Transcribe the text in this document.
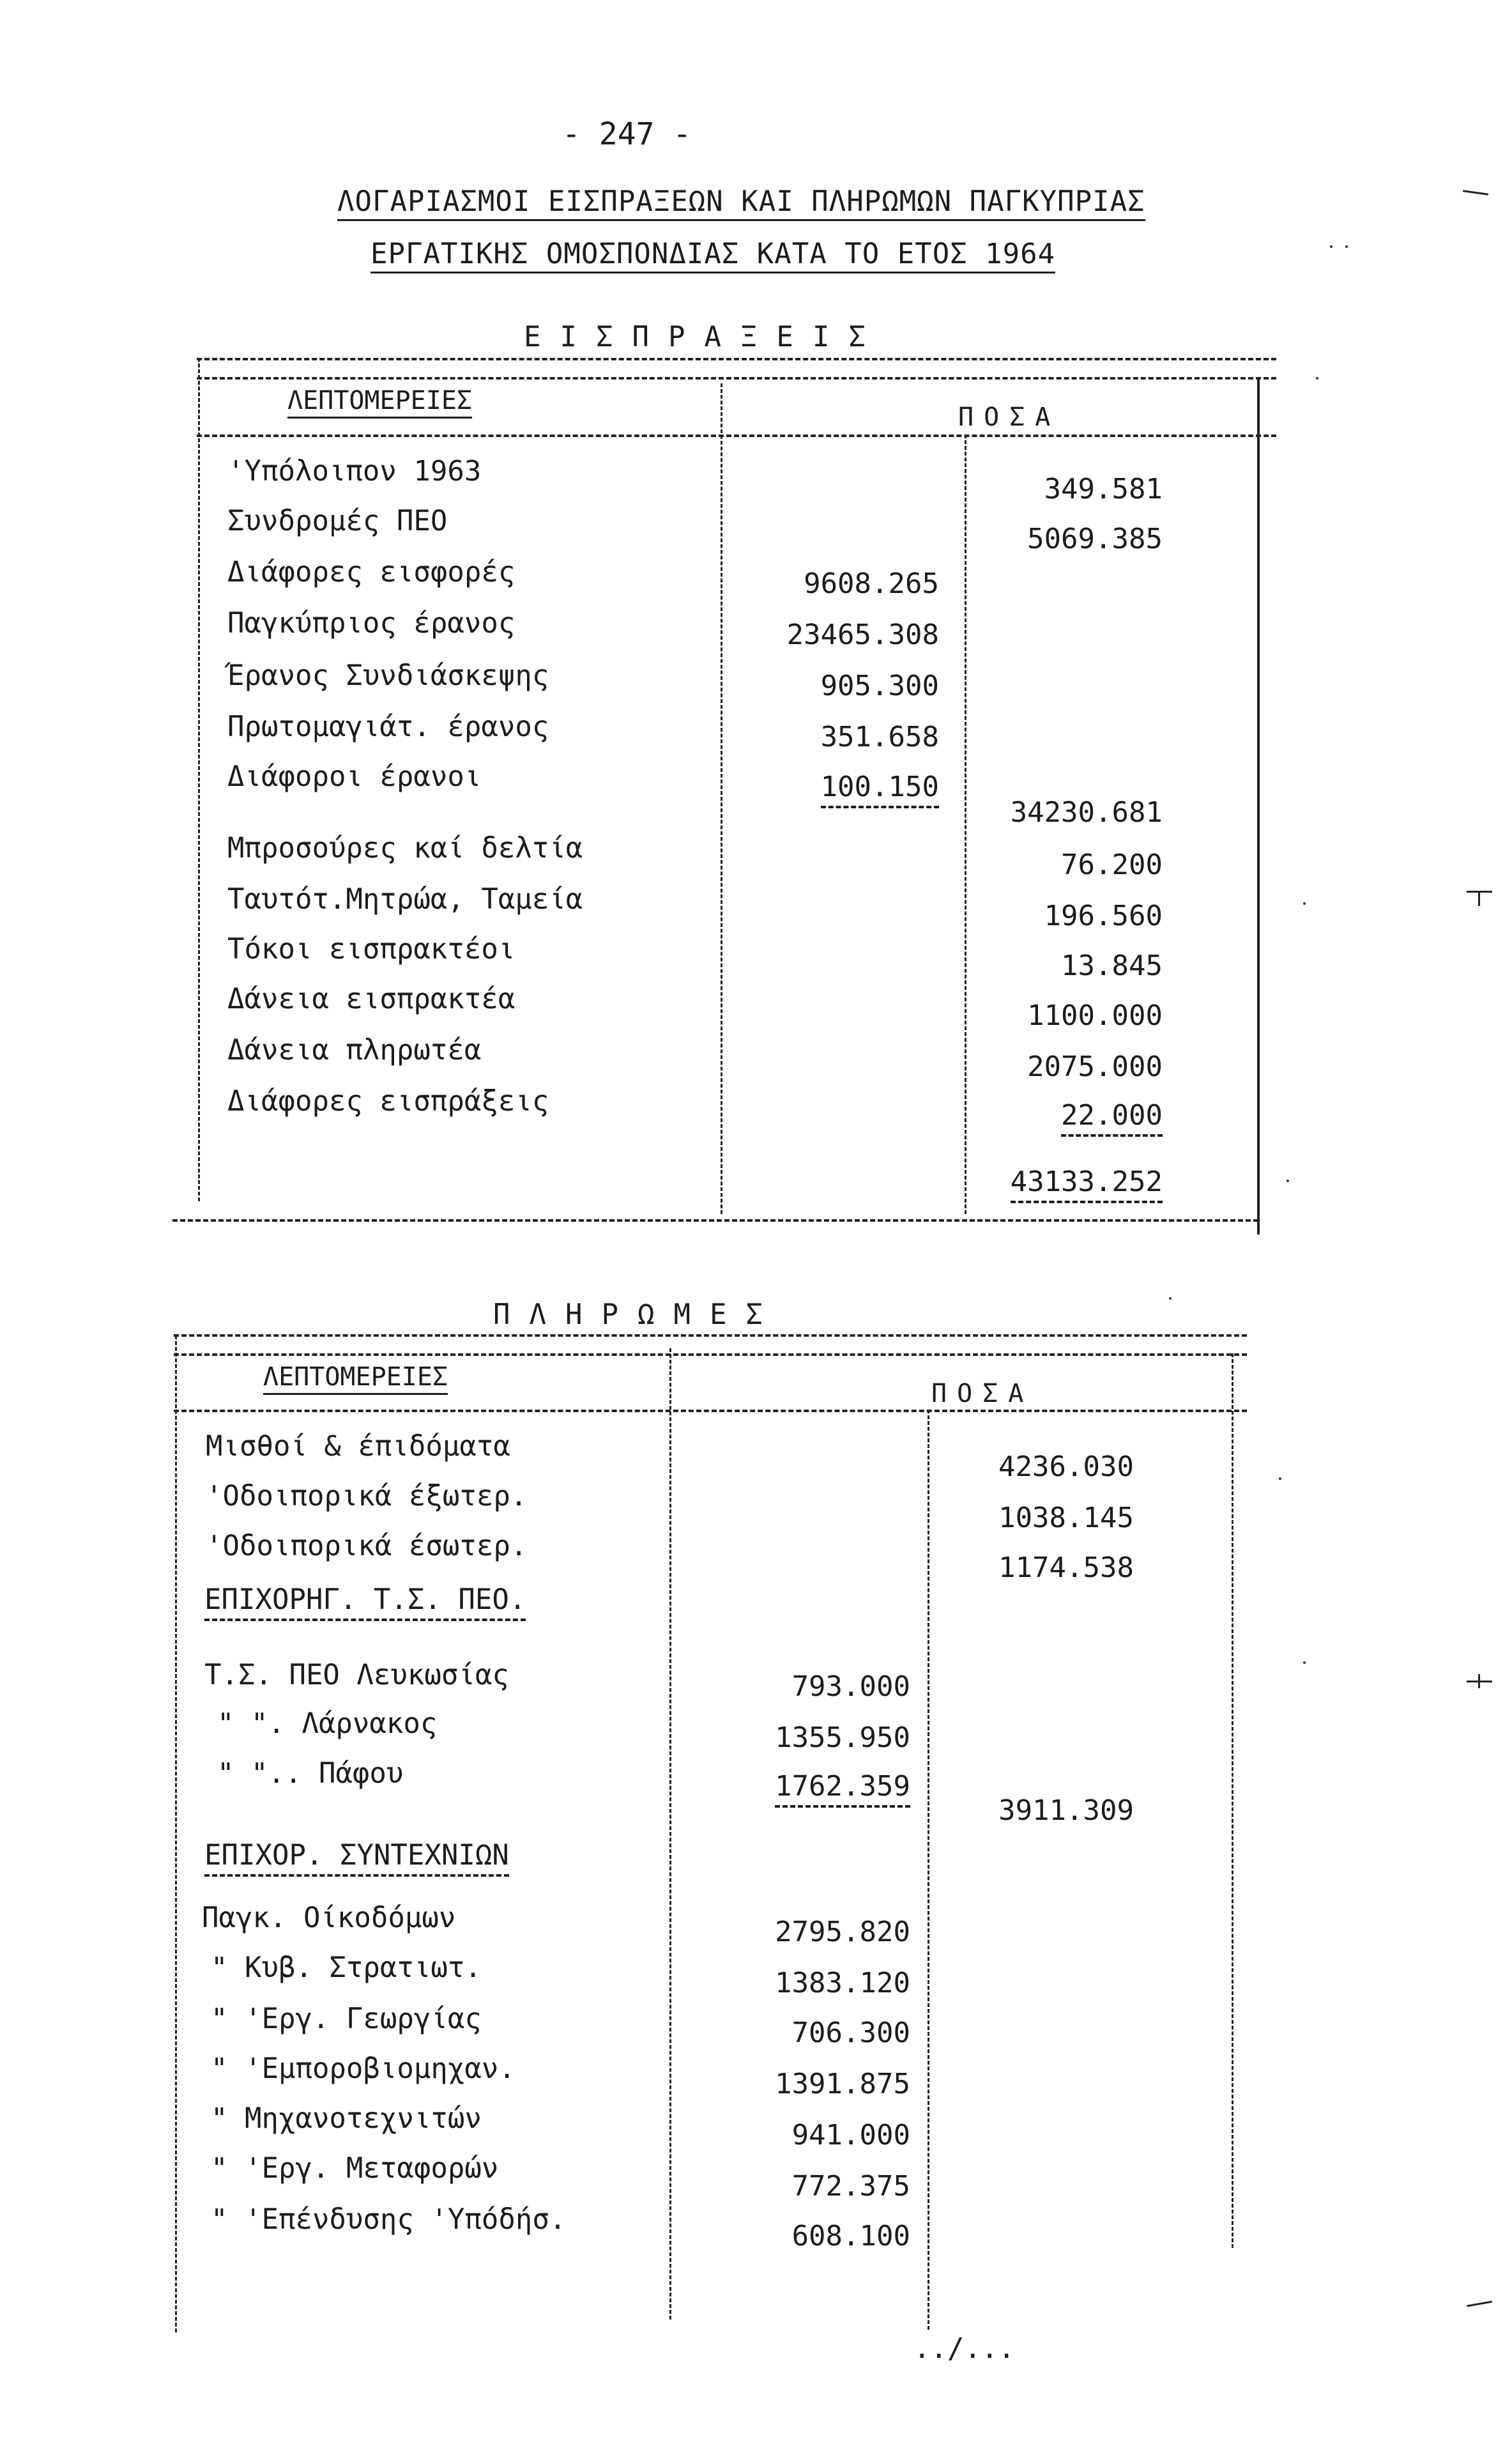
- 247 -
ΛΟΓΑΡΙΑΣΜΟΙ ΕΙΣΠΡΑΞΕΩΝ ΚΑΙ ΠΛΗΡΩΜΩΝ ΠΑΓΚΥΠΡΙΑΣ
ΕΡΓΑΤΙΚΗΣ ΟΜΟΣΠΟΝΔΙΑΣ ΚΑΤΑ ΤΟ ΕΤΟΣ 1964
ΕΙΣΠΡΑΞΕΙΣ
ΛΕΠΤΟΜΕΡΕΙΕΣ
ΠΟΣΑ
'Υπόλοιπον 1963
Συνδρομές ΠΕΟ
Διάφορες εισφορές
Παγκύπριος έρανος
Έρανος Συνδιάσκεψης
Πρωτομαγιάτ. έρανος
Διάφοροι έρανοι
Μπροσούρες καί δελτία
Ταυτότ.Μητρώα, Ταμεία
Τόκοι εισπρακτέοι
Δάνεια εισπρακτέα
Δάνεια πληρωτέα
Διάφορες εισπράξεις
9608.265
23465.308
905.300
351.658
100.150
349.581
5069.385
34230.681
76.200
196.560
13.845
1100.000
2075.000
22.000
43133.252
ΠΛΗΡΩΜΕΣ
ΛΕΠΤΟΜΕΡΕΙΕΣ
ΠΟΣΑ
Μισθοί & έπιδόματα
'Οδοιπορικά έξωτερ.
'Οδοιπορικά έσωτερ.
4236.030
1038.145
1174.538
ΕΠΙΧΟΡΗΓ. Τ.Σ. ΠΕΟ.
Τ.Σ. ΠΕΟ Λευκωσίας
" ". Λάρνακος
" ".. Πάφου
793.000
1355.950
1762.359
3911.309
ΕΠΙΧΟΡ. ΣΥΝΤΕΧΝΙΩΝ
Παγκ. Οίκοδόμων
" Κυβ. Στρατιωτ.
" 'Εργ. Γεωργίας
" 'Εμποροβιομηχαν.
" Μηχανοτεχνιτών
" 'Εργ. Μεταφορών
" 'Επένδυσης 'Υπόδήσ.
2795.820
1383.120
706.300
1391.875
941.000
772.375
608.100
../...
